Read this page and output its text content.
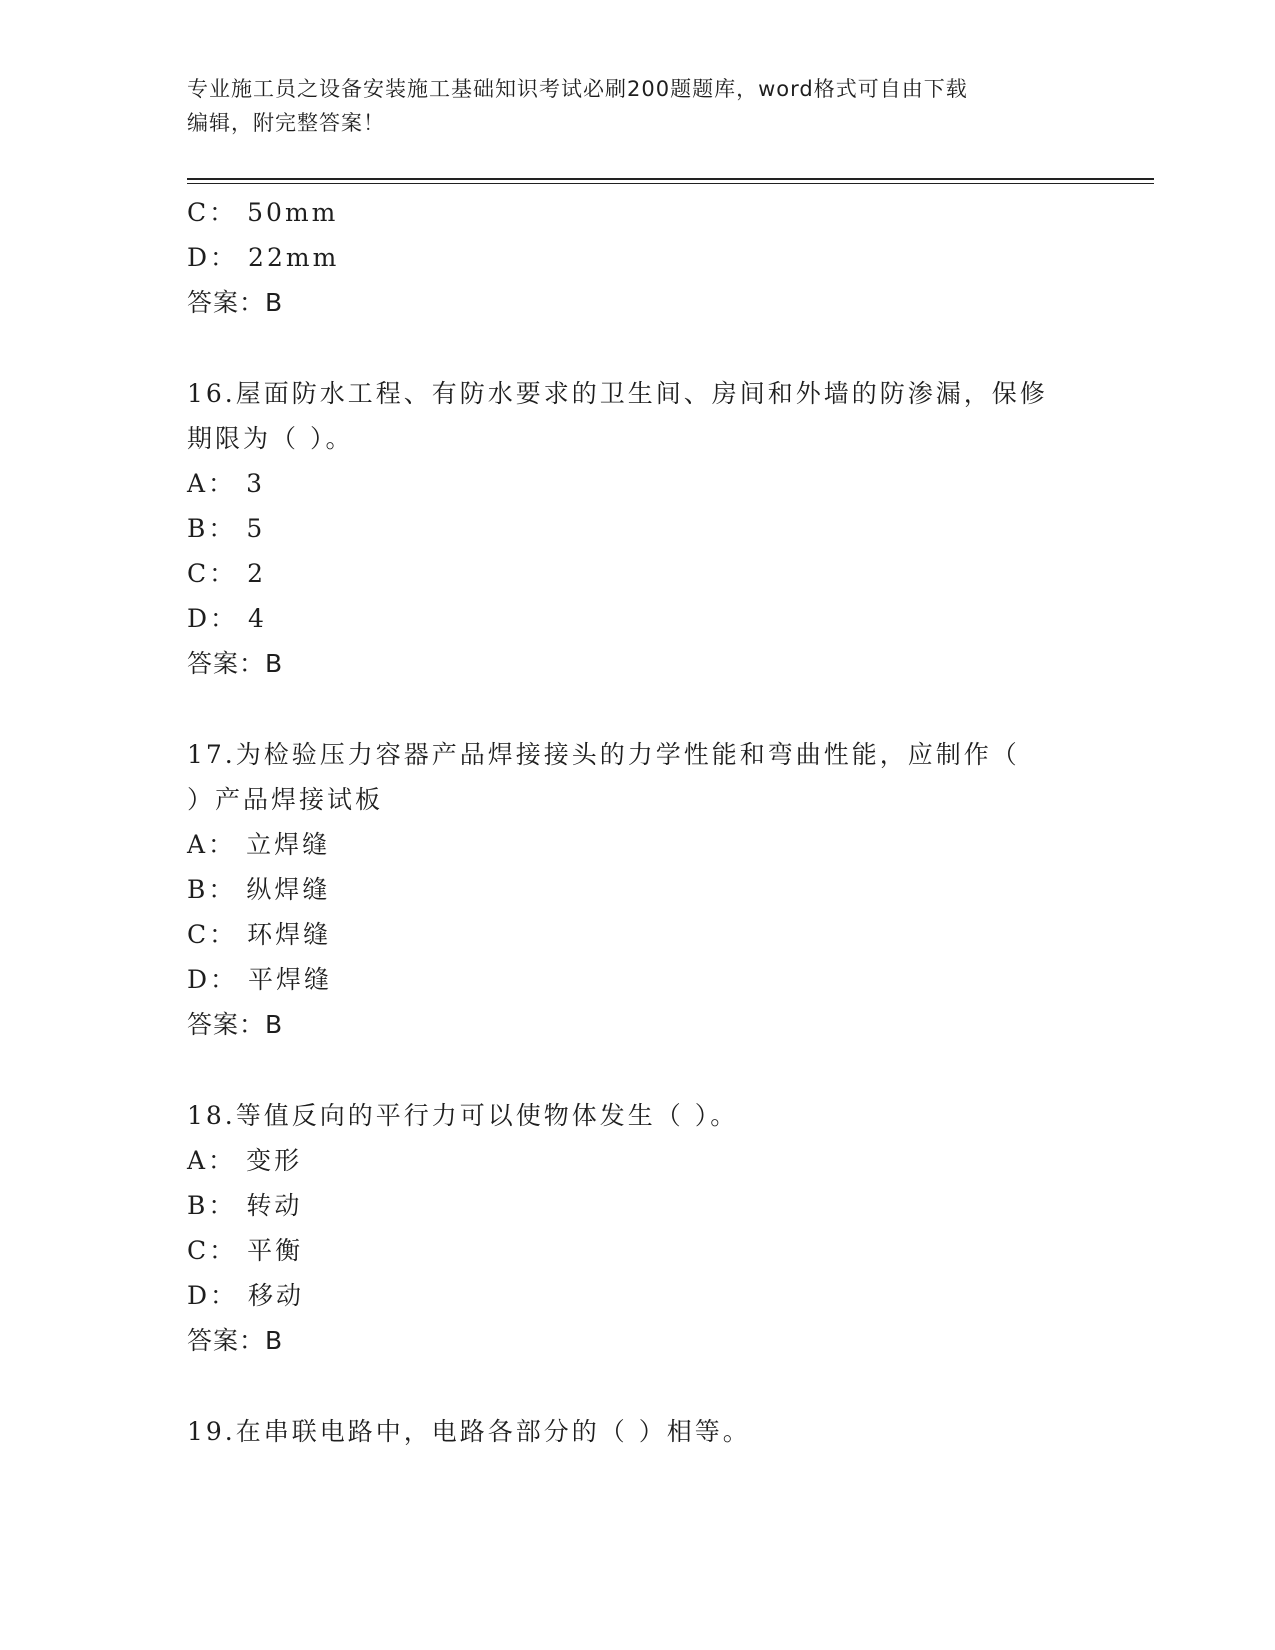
专业施工员之设备安装施工基础知识考试必刷200题题库，word格式可自由下载
编辑，附完整答案！
C： 50mm
D： 22mm
答案：B
16.屋面防水工程、有防水要求的卫生间、房间和外墙的防渗漏，保修
期限为（ ）。
A： 3
B： 5
C： 2
D： 4
答案：B
17.为检验压力容器产品焊接接头的力学性能和弯曲性能，应制作（
）产品焊接试板
A： 立焊缝
B： 纵焊缝
C： 环焊缝
D： 平焊缝
答案：B
18.等值反向的平行力可以使物体发生（ ）。
A： 变形
B： 转动
C： 平衡
D： 移动
答案：B
19.在串联电路中，电路各部分的（ ）相等。
